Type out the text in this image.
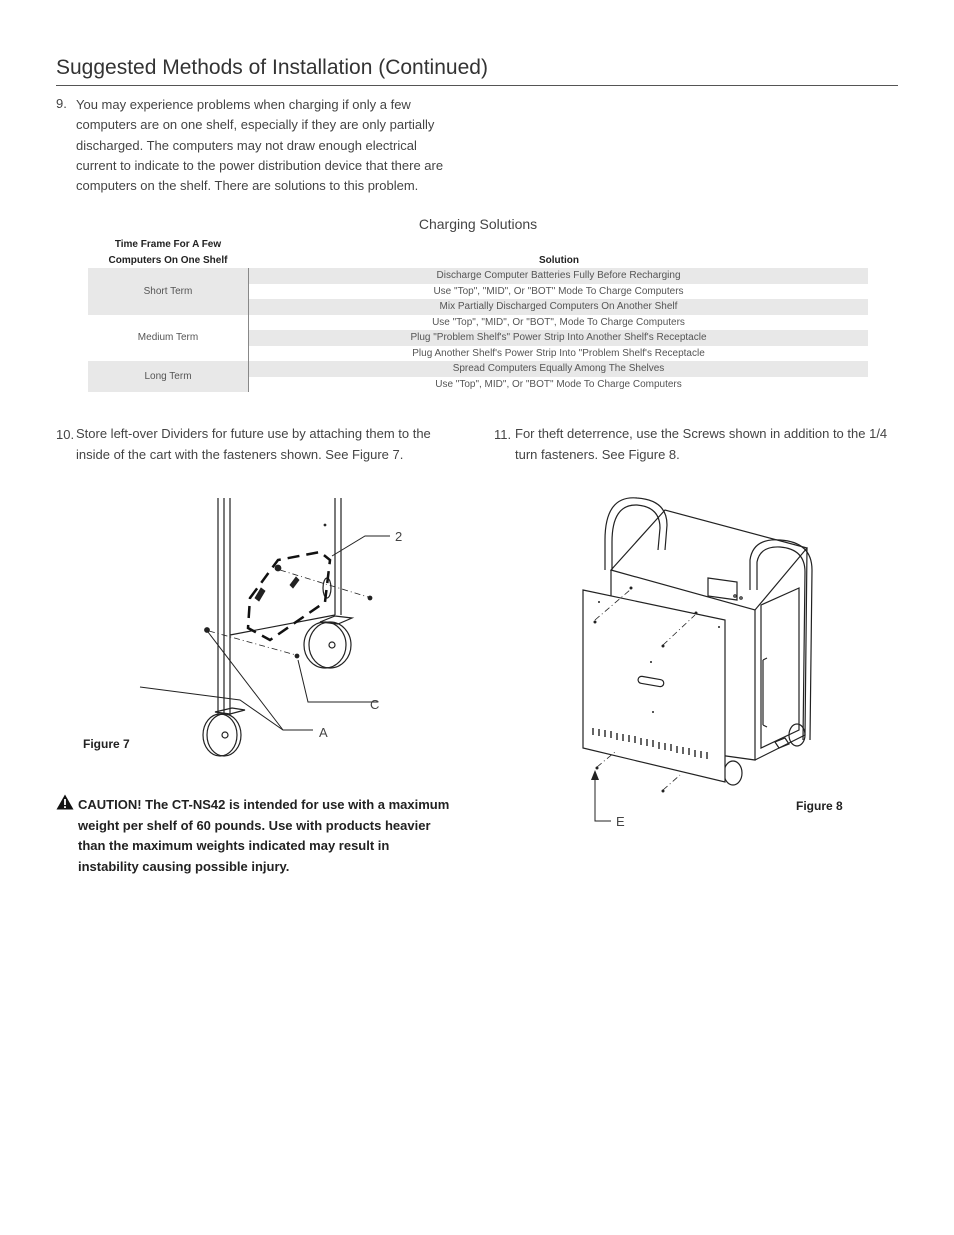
Suggested Methods of Installation (Continued)
9. You may experience problems when charging if only a few
computers are on one shelf, especially if they are only partially
discharged. The computers may not draw enough electrical
current to indicate to the power distribution device that there are
computers on the shelf. There are solutions to this problem.
Charging Solutions
Time Frame For A Few
Computers On One Shelf	Solution
Short Term	Discharge Computer Batteries Fully Before Recharging
	Use "Top", "MID", Or "BOT" Mode To Charge Computers
	Mix Partially Discharged Computers On Another Shelf
Medium Term	Use "Top", "MID", Or "BOT", Mode To Charge Computers
	Plug "Problem Shelf's" Power Strip Into Another Shelf's Receptacle
	Plug Another Shelf's Power Strip Into "Problem Shelf's Receptacle
Long Term	Spread Computers Equally Among The Shelves
	Use "Top", MID", Or "BOT" Mode To Charge Computers
10. Store left-over Dividers for future use by attaching them to the
inside of the cart with the fasteners shown. See Figure 7.
11. For theft deterrence, use the Screws shown in addition to the 1/4
turn fasteners. See Figure 8.
2
C
A
Figure 7
E
Figure 8
CAUTION! The CT-NS42 is intended for use with a maximum
weight per shelf of 60 pounds. Use with products heavier
than the maximum weights indicated may result in
instability causing possible injury.
